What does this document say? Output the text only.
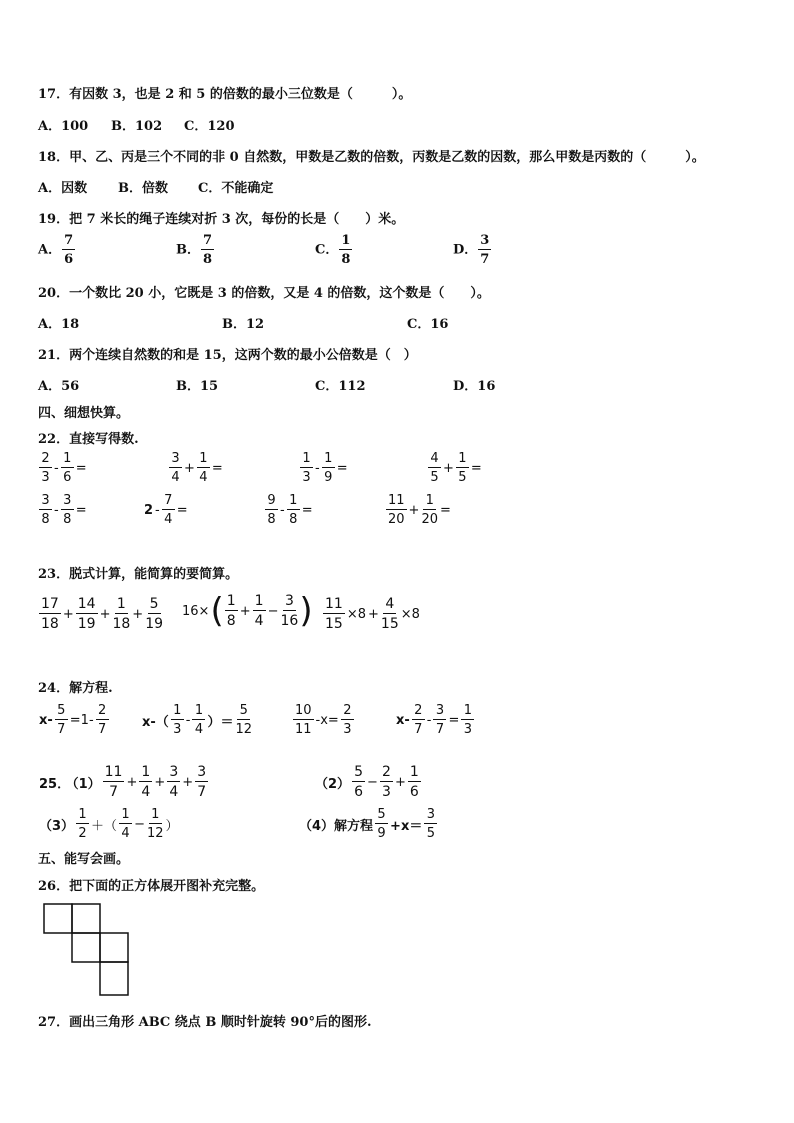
17．有因数 3，也是 2 和 5 的倍数的最小三位数是（　　　）。
A．100 B．102 C．120
18．甲、乙、丙是三个不同的非 0 自然数，甲数是乙数的倍数，丙数是乙数的因数，那么甲数是丙数的（　　　）。
A．因数 B．倍数 C．不能确定
19．把 7 米长的绳子连续对折 3 次，每份的长是（　　）米。
A． $\frac{7}{6}$	B． $\frac{7}{8}$	C． $\frac{1}{8}$	D． $\frac{3}{7}$
20．一个数比 20 小，它既是 3 的倍数，又是 4 的倍数，这个数是（　　）。
A．18	B．12	C．16
21．两个连续自然数的和是 15，这两个数的最小公倍数是（　）
A．56	B．15	C．112	D．16
四、细想快算。
22．直接写得数.
$\frac{2}{3} - \frac{1}{6}$ =	$\frac{3}{4} + \frac{1}{4}$ =	$\frac{1}{3} - \frac{1}{9}$ =	$\frac{4}{5} + \frac{1}{5}$ =
$\frac{3}{8} - \frac{3}{8}$ =	$2 - \frac{7}{4}$ =	$\frac{9}{8} - \frac{1}{8}$ =	$\frac{11}{20} + \frac{1}{20}$ =
23．脱式计算，能简算的要简算。
$\frac{17}{18} + \frac{14}{19} + \frac{1}{18} + \frac{5}{19} 16\times( \frac{1}{8} + \frac{1}{4} - \frac{3}{16}$ ) $\frac{11}{15} \times 8 + \frac{4}{15} \times 8$
24．解方程.
$x- \frac{5}{7} =1- \frac{2}{7}$	$x-( \frac{1}{3} - \frac{1}{4}$ ）＝ $\frac{5}{12}$	$\frac{10}{11} -x= \frac{2}{3}$	$x- \frac{2}{7} - \frac{3}{7} = \frac{1}{3}$
25． $(1) \frac{11}{7} + \frac{1}{4} + \frac{3}{4} + \frac{3}{7}$	$(2) \frac{5}{6} - \frac{2}{3} + \frac{1}{6}$
$(3) \frac{1}{2}$ ＋（ $\frac{1}{4} - \frac{1}{12}$ ）	（4）解方程 $\frac{5}{9} +x= \frac{3}{5}$
五、能写会画。
26．把下面的正方体展开图补充完整。
27．画出三角形 ABC 绕点 B 顺时针旋转 90°后的图形.
